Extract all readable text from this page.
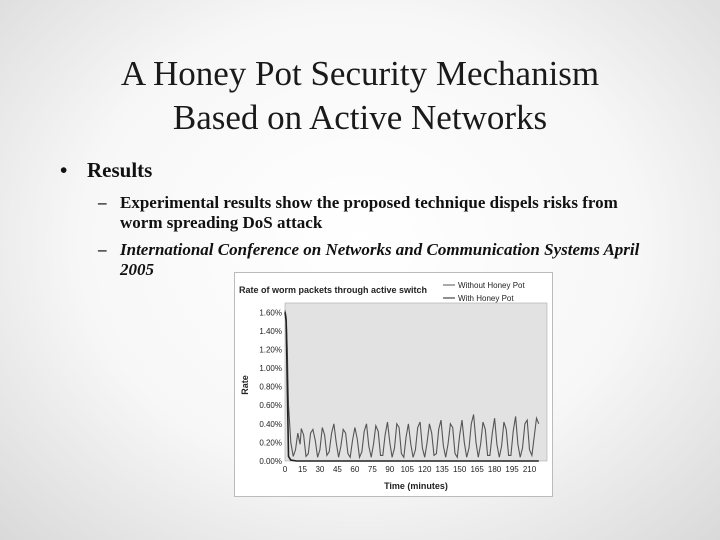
A Honey Pot Security Mechanism
Based on Active Networks
• Results
– Experimental results show the proposed technique dispels risks from worm spreading DoS attack
– International Conference on Networks and Communication Systems April 2005
Rate of worm packets through active switch
Rate
Time (minutes)
Without Honey Pot
With Honey Pot
0.00%
0.20%
0.40%
0.60%
0.80%
1.00%
1.20%
1.40%
1.60%
0 15 30 45 60 75 90 105 120 135 150 165 180 195 210
